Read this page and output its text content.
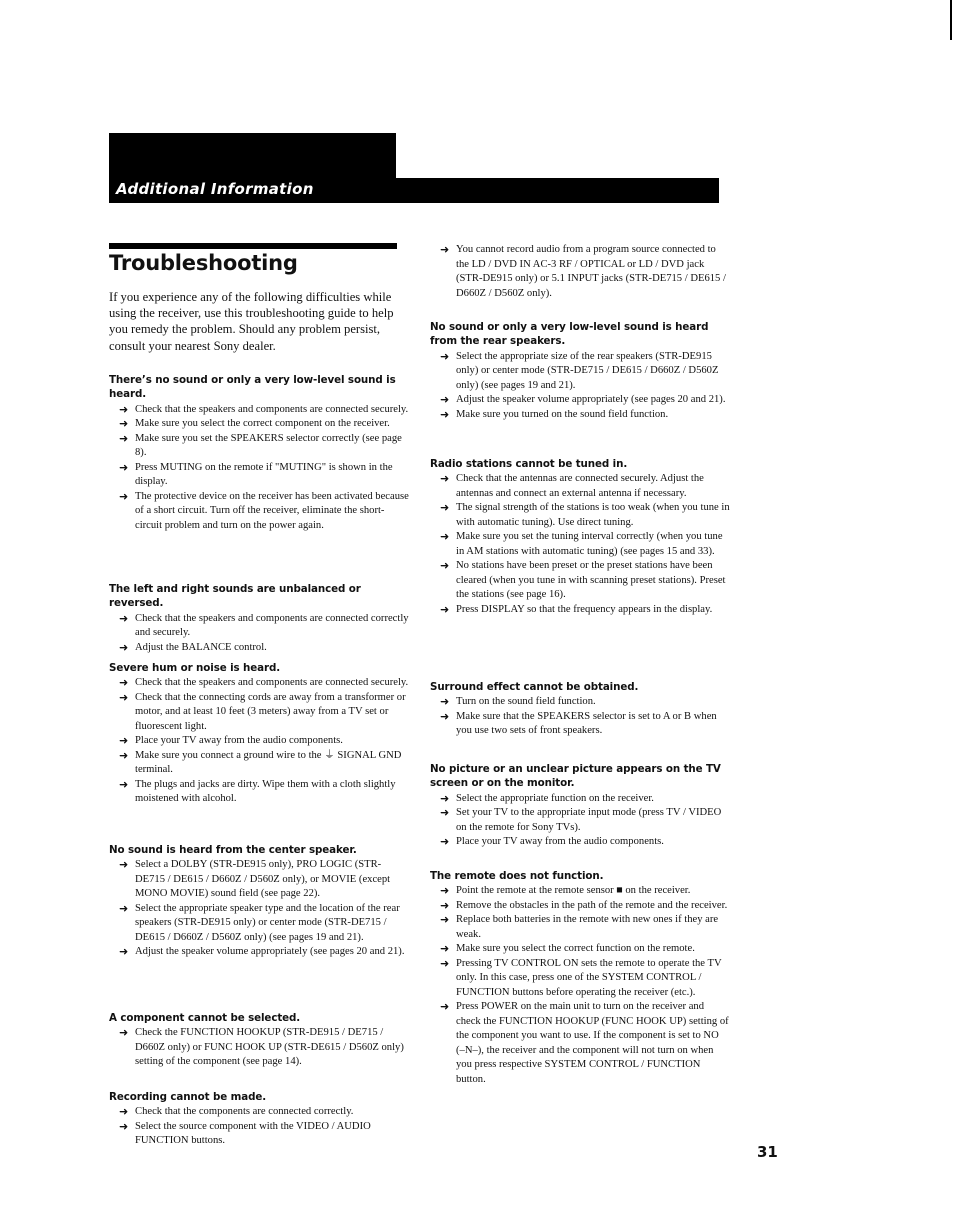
Additional Information
Troubleshooting

If you experience any of the following difficulties while using the receiver, use this troubleshooting guide to help you remedy the problem. Should any problem persist, consult your nearest Sony dealer.

➜ You cannot record audio from a program source connected to the LD / DVD IN AC-3 RF / OPTICAL or LD / DVD jack (STR-DE915 only) or 5.1 INPUT jacks (STR-DE715 / DE615 / D660Z / D560Z only).

31
There’s no sound or only a very low-level sound is heard.

➜ Check that the speakers and components are connected securely.

➜ Make sure you select the correct component on the receiver.

➜ Make sure you set the SPEAKERS selector correctly (see page 8).

➜ Press MUTING on the remote if "MUTING" is shown in the display.

➜ The protective device on the receiver has been activated because of a short circuit. Turn off the receiver, eliminate the short-circuit problem and turn on the power again.

The left and right sounds are unbalanced or reversed.

➜ Check that the speakers and components are connected correctly and securely.

➜ Adjust the BALANCE control.

Severe hum or noise is heard.

➜ Check that the speakers and components are connected securely.

➜ Check that the connecting cords are away from a transformer or motor, and at least 10 feet (3 meters) away from a TV set or fluorescent light.

➜ Place your TV away from the audio components.

➜ Make sure you connect a ground wire to the ⏚ SIGNAL GND terminal.

➜ The plugs and jacks are dirty. Wipe them with a cloth slightly moistened with alcohol.

No sound is heard from the center speaker.

➜ Select a DOLBY (STR-DE915 only), PRO LOGIC (STR-DE715 / DE615 / D660Z / D560Z only), or MOVIE (except MONO MOVIE) sound field (see page 22).

➜ Select the appropriate speaker type and the location of the rear speakers (STR-DE915 only) or center mode (STR-DE715 / DE615 / D660Z / D560Z only) (see pages 19 and 21).

➜ Adjust the speaker volume appropriately (see pages 20 and 21).

A component cannot be selected.

➜ Check the FUNCTION HOOKUP (STR-DE915 / DE715 / D660Z only) or FUNC HOOK UP (STR-DE615 / D560Z only) setting of the component (see page 14).

Recording cannot be made.

➜ Check that the components are connected correctly.

➜ Select the source component with the VIDEO / AUDIO FUNCTION buttons.

No sound or only a very low-level sound is heard from the rear speakers.

➜ Select the appropriate size of the rear speakers (STR-DE915 only) or center mode (STR-DE715 / DE615 / D660Z / D560Z only) (see pages 19 and 21).

➜ Adjust the speaker volume appropriately (see pages 20 and 21).

➜ Make sure you turned on the sound field function.

Radio stations cannot be tuned in.

➜ Check that the antennas are connected securely. Adjust the antennas and connect an external antenna if necessary.

➜ The signal strength of the stations is too weak (when you tune in with automatic tuning). Use direct tuning.

➜ Make sure you set the tuning interval correctly (when you tune in AM stations with automatic tuning) (see pages 15 and 33).

➜ No stations have been preset or the preset stations have been cleared (when you tune in with scanning preset stations). Preset the stations (see page 16).

➜ Press DISPLAY so that the frequency appears in the display.

Surround effect cannot be obtained.

➜ Turn on the sound field function.

➜ Make sure that the SPEAKERS selector is set to A or B when you use two sets of front speakers.

No picture or an unclear picture appears on the TV screen or on the monitor.

➜ Select the appropriate function on the receiver.

➜ Set your TV to the appropriate input mode (press TV / VIDEO on the remote for Sony TVs).

➜ Place your TV away from the audio components.

The remote does not function.

➜ Point the remote at the remote sensor ■ on the receiver.

➜ Remove the obstacles in the path of the remote and the receiver.

➜ Replace both batteries in the remote with new ones if they are weak.

➜ Make sure you select the correct function on the remote.

➜ Pressing TV CONTROL ON sets the remote to operate the TV only. In this case, press one of the SYSTEM CONTROL / FUNCTION buttons before operating the receiver (etc.).

➜ Press POWER on the main unit to turn on the receiver and check the FUNCTION HOOKUP (FUNC HOOK UP) setting of the component you want to use. If the component is set to NO (–N–), the receiver and the component will not turn on when you press respective SYSTEM CONTROL / FUNCTION button.
